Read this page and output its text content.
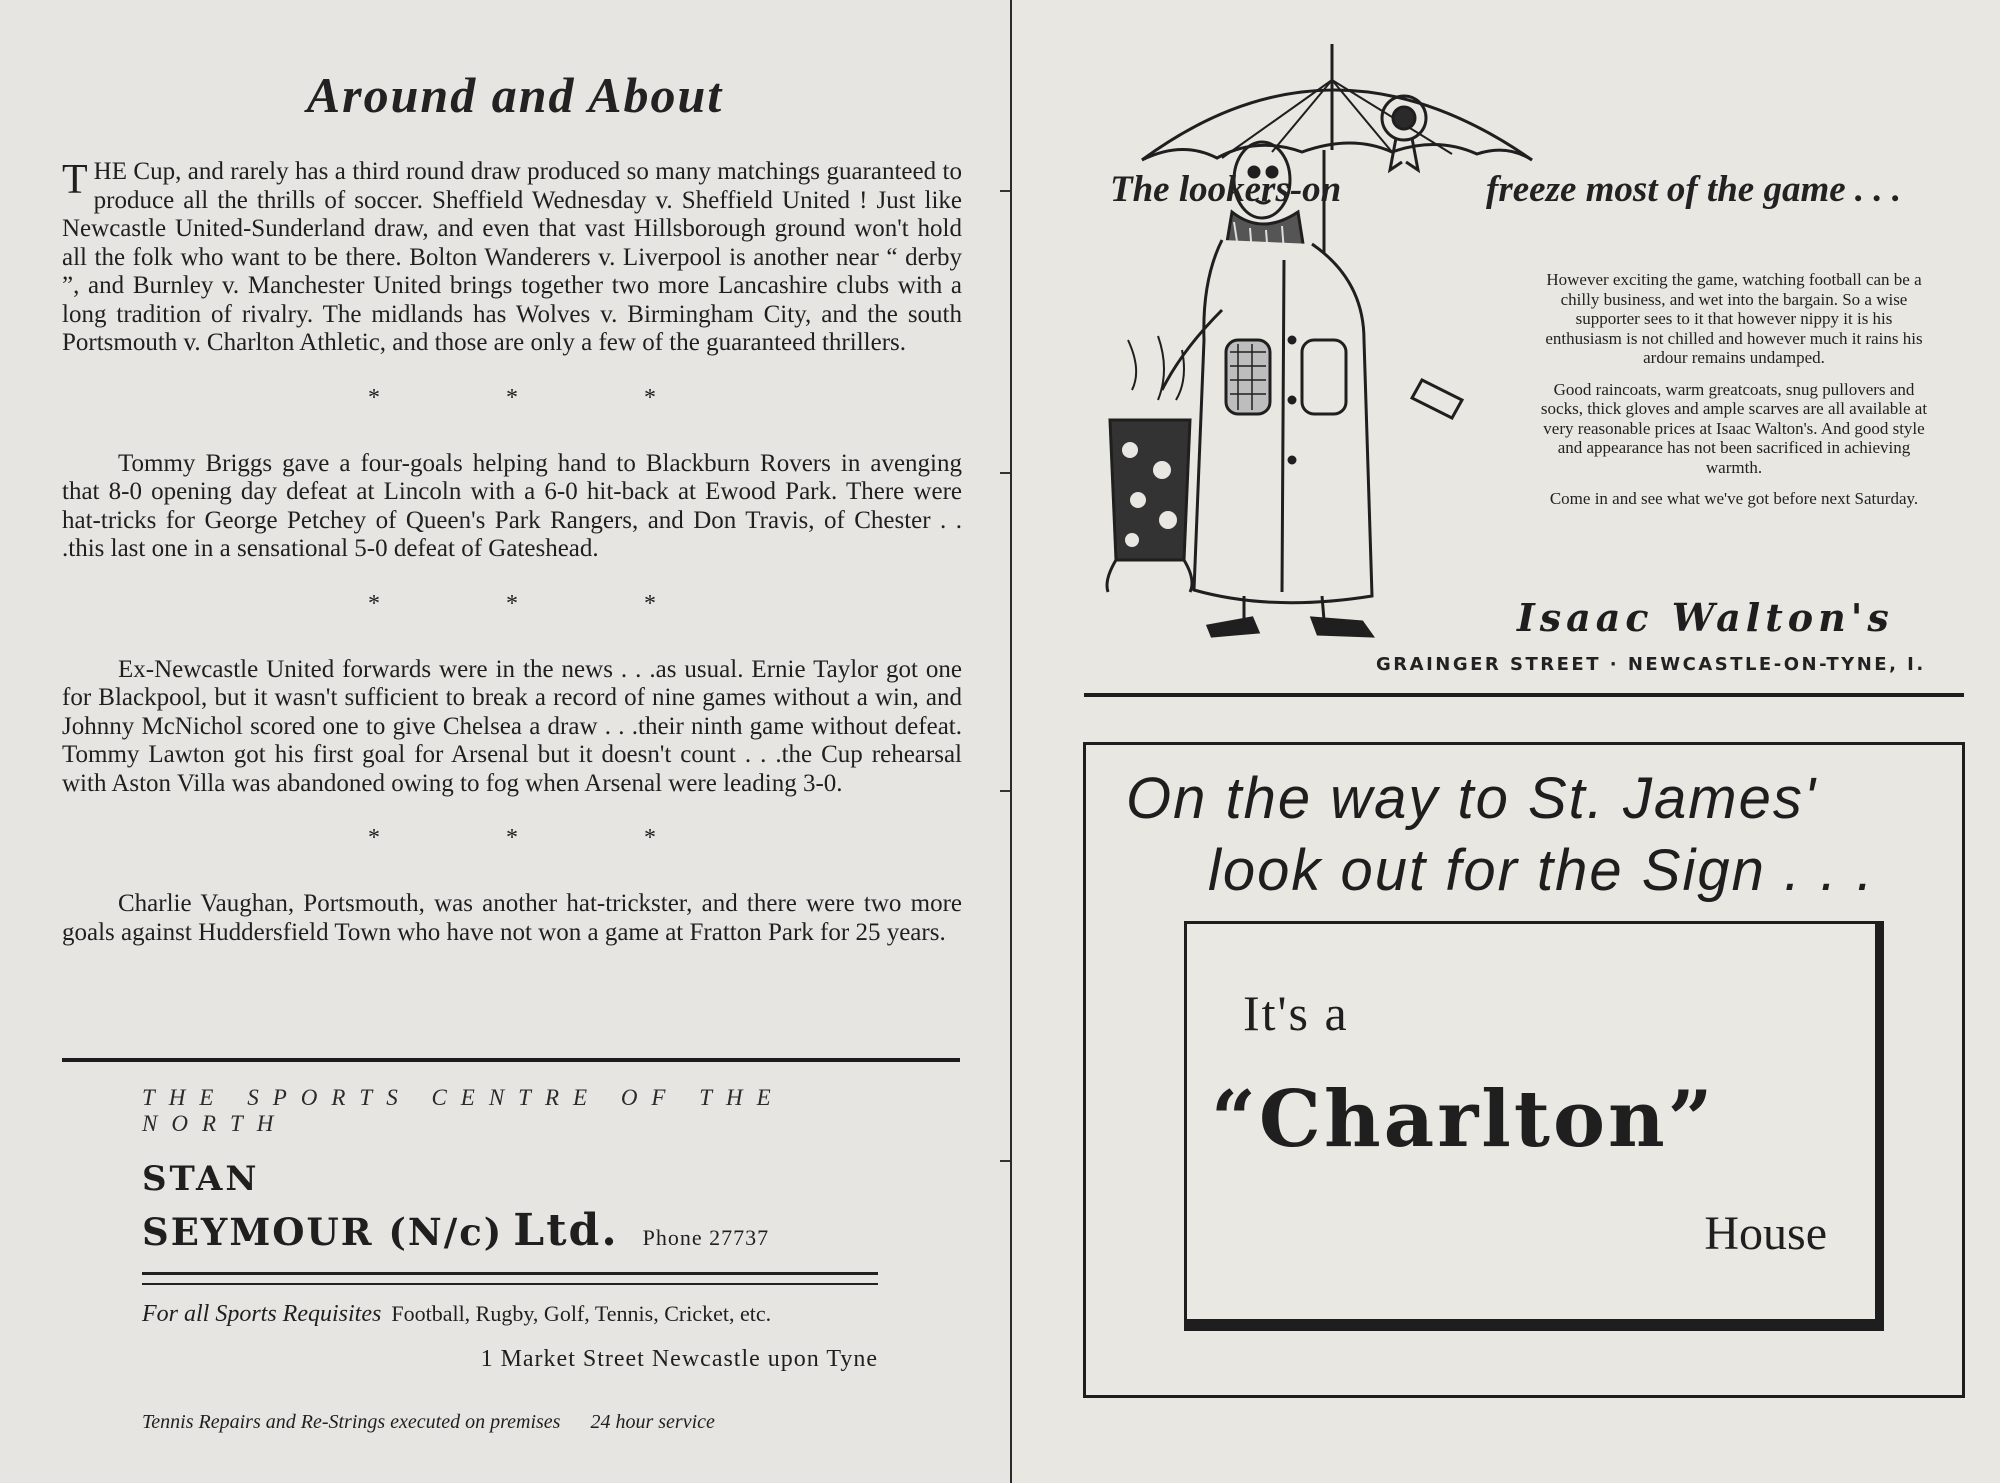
Around and About

THE Cup, and rarely has a third round draw produced so many matchings guaranteed to produce all the thrills of soccer. Sheffield Wednesday v. Sheffield United ! Just like Newcastle United-Sunderland draw, and even that vast Hillsborough ground won't hold all the folk who want to be there. Bolton Wanderers v. Liverpool is another near “ derby ”, and Burnley v. Manchester United brings together two more Lancashire clubs with a long tradition of rivalry. The midlands has Wolves v. Birmingham City, and the south Portsmouth v. Charlton Athletic, and those are only a few of the guaranteed thrillers.

* * *

Tommy Briggs gave a four-goals helping hand to Blackburn Rovers in avenging that 8-0 opening day defeat at Lincoln with a 6-0 hit-back at Ewood Park. There were hat-tricks for George Petchey of Queen's Park Rangers, and Don Travis, of Chester . . .this last one in a sensational 5-0 defeat of Gateshead.

* * *

Ex-Newcastle United forwards were in the news . . .as usual. Ernie Taylor got one for Blackpool, but it wasn't sufficient to break a record of nine games without a win, and Johnny McNichol scored one to give Chelsea a draw . . .their ninth game without defeat. Tommy Lawton got his first goal for Arsenal but it doesn't count . . .the Cup rehearsal with Aston Villa was abandoned owing to fog when Arsenal were leading 3-0.

* * *

Charlie Vaughan, Portsmouth, was another hat-trickster, and there were two more goals against Huddersfield Town who have not won a game at Fratton Park for 25 years.

THE SPORTS CENTRE OF THE NORTH
STAN
SEYMOUR (N/c) Ltd. Phone 27737
For all Sports Requisites Football, Rugby, Golf, Tennis, Cricket, etc.
1 Market Street Newcastle upon Tyne
Tennis Repairs and Re-Strings executed on premises 24 hour service
The lookers-on	freeze most of the game . . .

However exciting the game, watching football can be a chilly business, and wet into the bargain. So a wise supporter sees to it that however nippy it is his enthusiasm is not chilled and however much it rains his ardour remains undamped.

Good raincoats, warm greatcoats, snug pullovers and socks, thick gloves and ample scarves are all available at very reasonable prices at Isaac Walton's. And good style and appearance has not been sacrificed in achieving warmth.

Come in and see what we've got before next Saturday.

Isaac Walton's
GRAINGER STREET · NEWCASTLE-ON-TYNE, I.
On the way to St. James'
look out for the Sign . . .
It's a
“Charlton”
House
